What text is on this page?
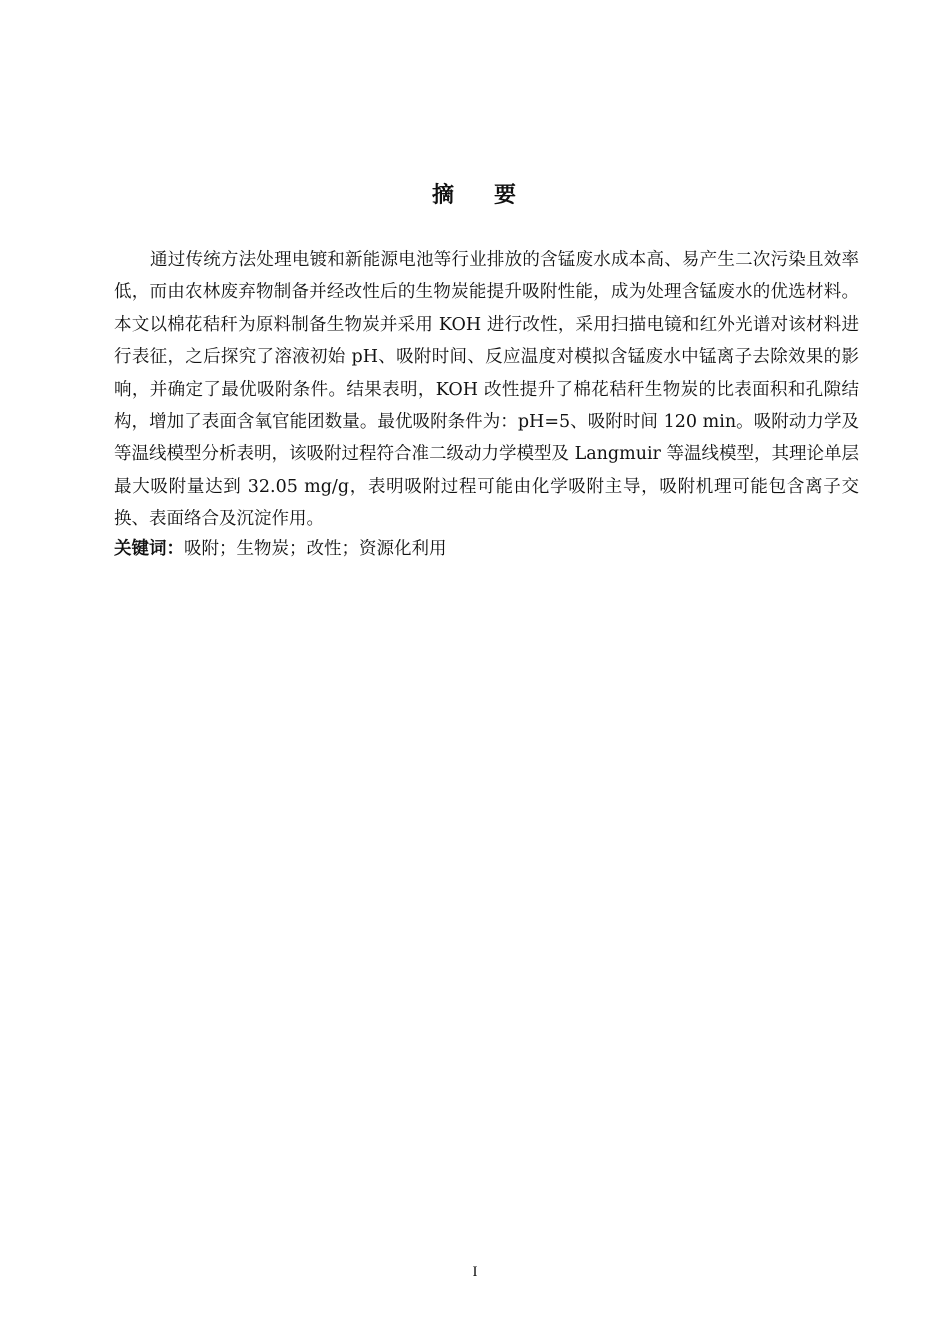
摘 要

通过传统方法处理电镀和新能源电池等行业排放的含锰废水成本高、易产生二次污染且效率低，而由农林废弃物制备并经改性后的生物炭能提升吸附性能，成为处理含锰废水的优选材料。本文以棉花秸秆为原料制备生物炭并采用 KOH 进行改性，采用扫描电镜和红外光谱对该材料进行表征，之后探究了溶液初始 pH、吸附时间、反应温度对模拟含锰废水中锰离子去除效果的影响，并确定了最优吸附条件。结果表明，KOH 改性提升了棉花秸秆生物炭的比表面积和孔隙结构，增加了表面含氧官能团数量。最优吸附条件为：pH=5、吸附时间 120 min。吸附动力学及等温线模型分析表明，该吸附过程符合准二级动力学模型及 Langmuir 等温线模型，其理论单层最大吸附量达到 32.05 mg/g，表明吸附过程可能由化学吸附主导，吸附机理可能包含离子交换、表面络合及沉淀作用。

关键词：吸附；生物炭；改性；资源化利用

I
